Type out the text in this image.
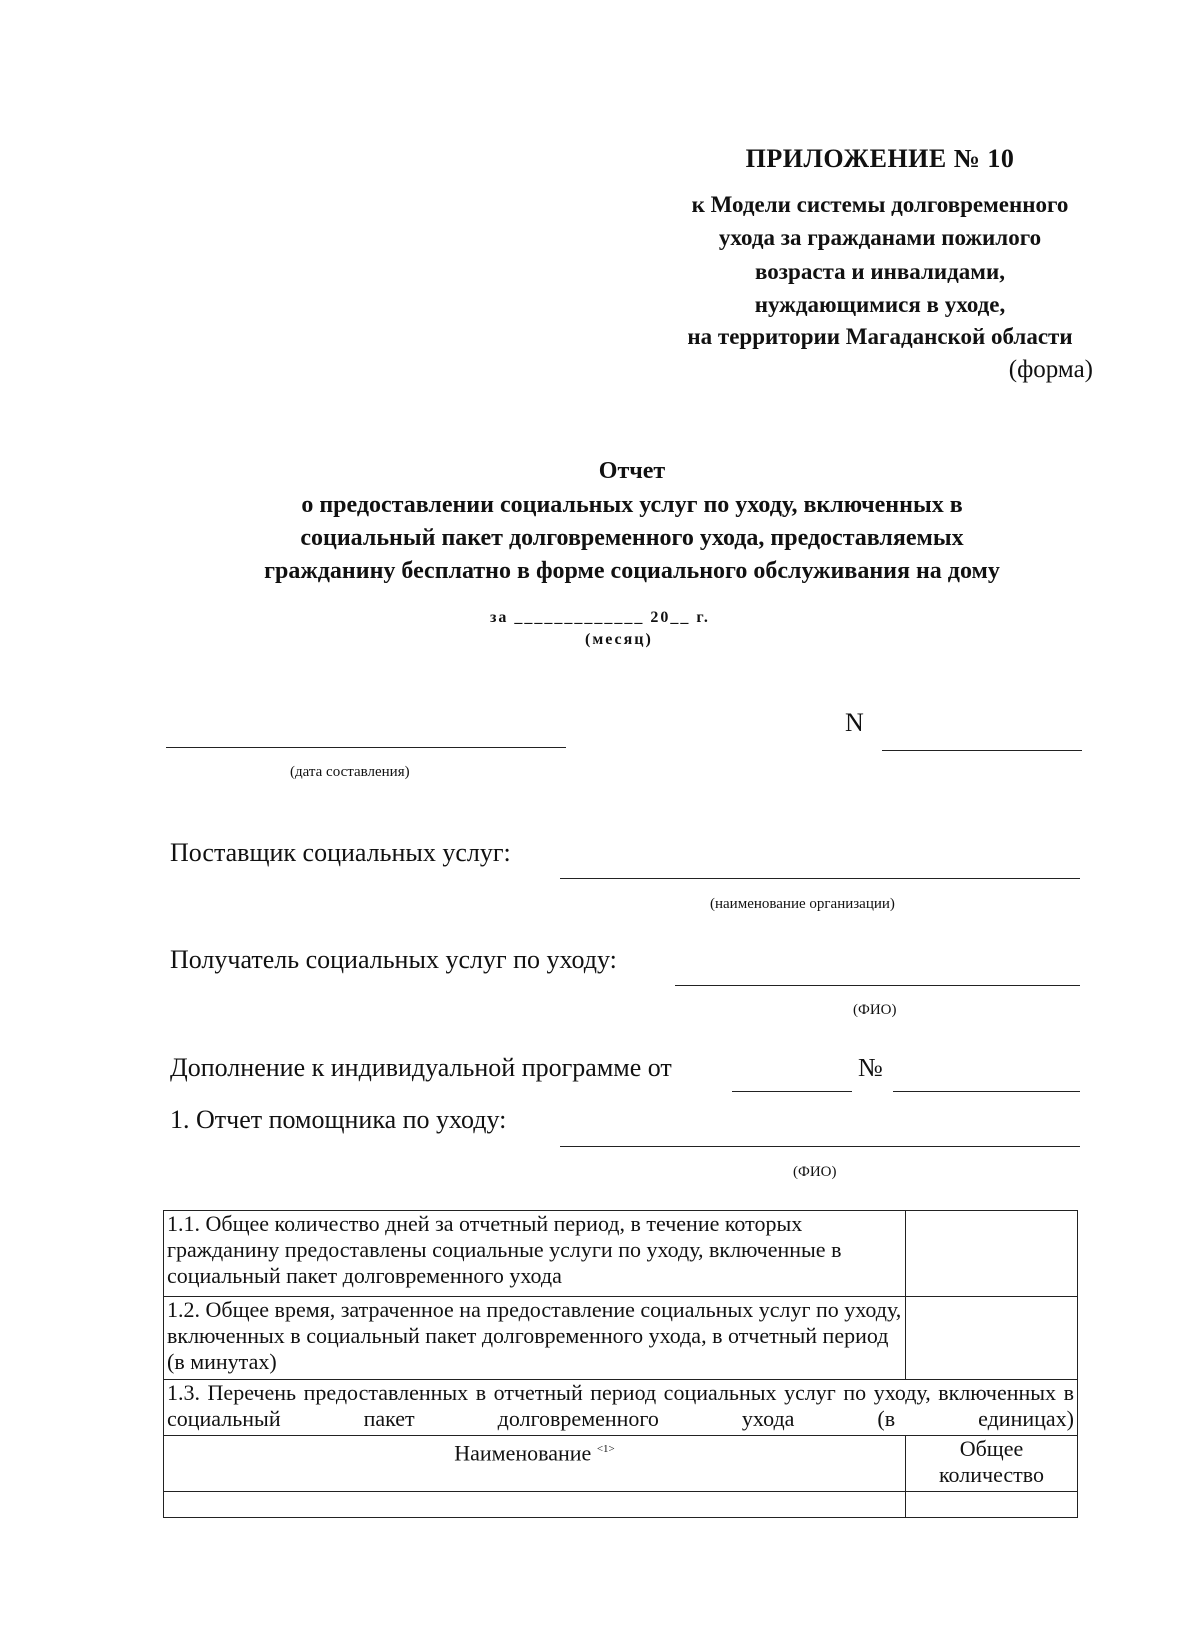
ПРИЛОЖЕНИЕ № 10
к Модели системы долговременного
ухода за гражданами пожилого
возраста и инвалидами,
нуждающимися в уходе,
на территории Магаданской области
(форма)
Отчет
о предоставлении социальных услуг по уходу, включенных в
социальный пакет долговременного ухода, предоставляемых
гражданину бесплатно в форме социального обслуживания на дому
за _____________ 20__ г.
(месяц)
(дата составления)
N
Поставщик социальных услуг:
(наименование организации)
Получатель социальных услуг по уходу:
(ФИО)
Дополнение к индивидуальной программе от	№
1. Отчет помощника по уходу:
(ФИО)
1.1. Общее количество дней за отчетный период, в течение которых гражданину предоставлены социальные услуги по уходу, включенные в социальный пакет долговременного ухода	
1.2. Общее время, затраченное на предоставление социальных услуг по уходу, включенных в социальный пакет долговременного ухода, в отчетный период (в минутах)	
1.3. Перечень предоставленных в отчетный период социальных услуг по уходу, включенных в социальный пакет долговременного ухода (в единицах)	
Наименование $^{<1>}$	Общее количество
